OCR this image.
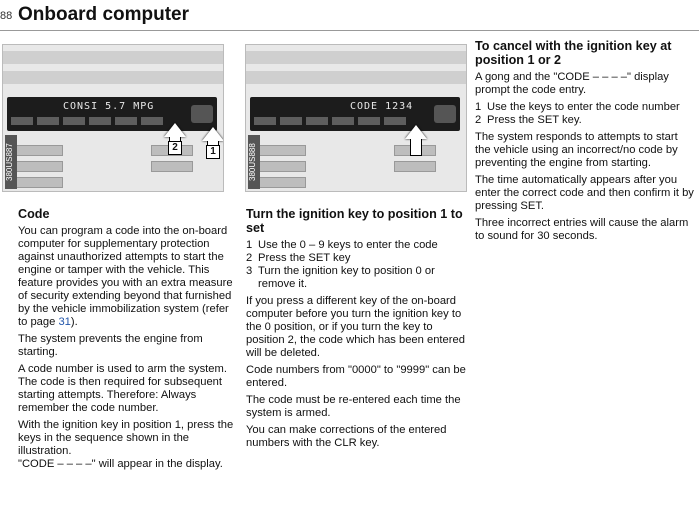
88 Onboard computer
CONSI 5.7 MPG
380US887	2	1
CODE 1234
380US888
Code

You can program a code into the on-board computer for supplementary protection against unauthorized attempts to start the engine or tamper with the vehicle. This feature provides you with an extra measure of security extending beyond that furnished by the vehicle immobilization system (refer to page 31).

The system prevents the engine from starting.

A code number is used to arm the system. The code is then required for subsequent starting attempts. Therefore: Always remember the code number.

With the ignition key in position 1, press the keys in the sequence shown in the illustration.

"CODE – – – –" will appear in the display.

Turn the ignition key to position 1 to set
1 Use the 0 – 9 keys to enter the code
2 Press the SET key
3 Turn the ignition key to position 0 or remove it.

If you press a different key of the on-board computer before you turn the ignition key to the 0 position, or if you turn the key to position 2, the code which has been entered will be deleted.

Code numbers from "0000" to "9999" can be entered.

The code must be re-entered each time the system is armed.

You can make corrections of the entered numbers with the CLR key.

To cancel with the ignition key at position 1 or 2

A gong and the "CODE – – – –" display prompt the code entry.

1 Use the keys to enter the code number
2 Press the SET key.

The system responds to attempts to start the vehicle using an incorrect/no code by preventing the engine from starting.

The time automatically appears after you enter the correct code and then confirm it by pressing SET.

Three incorrect entries will cause the alarm to sound for 30 seconds.
